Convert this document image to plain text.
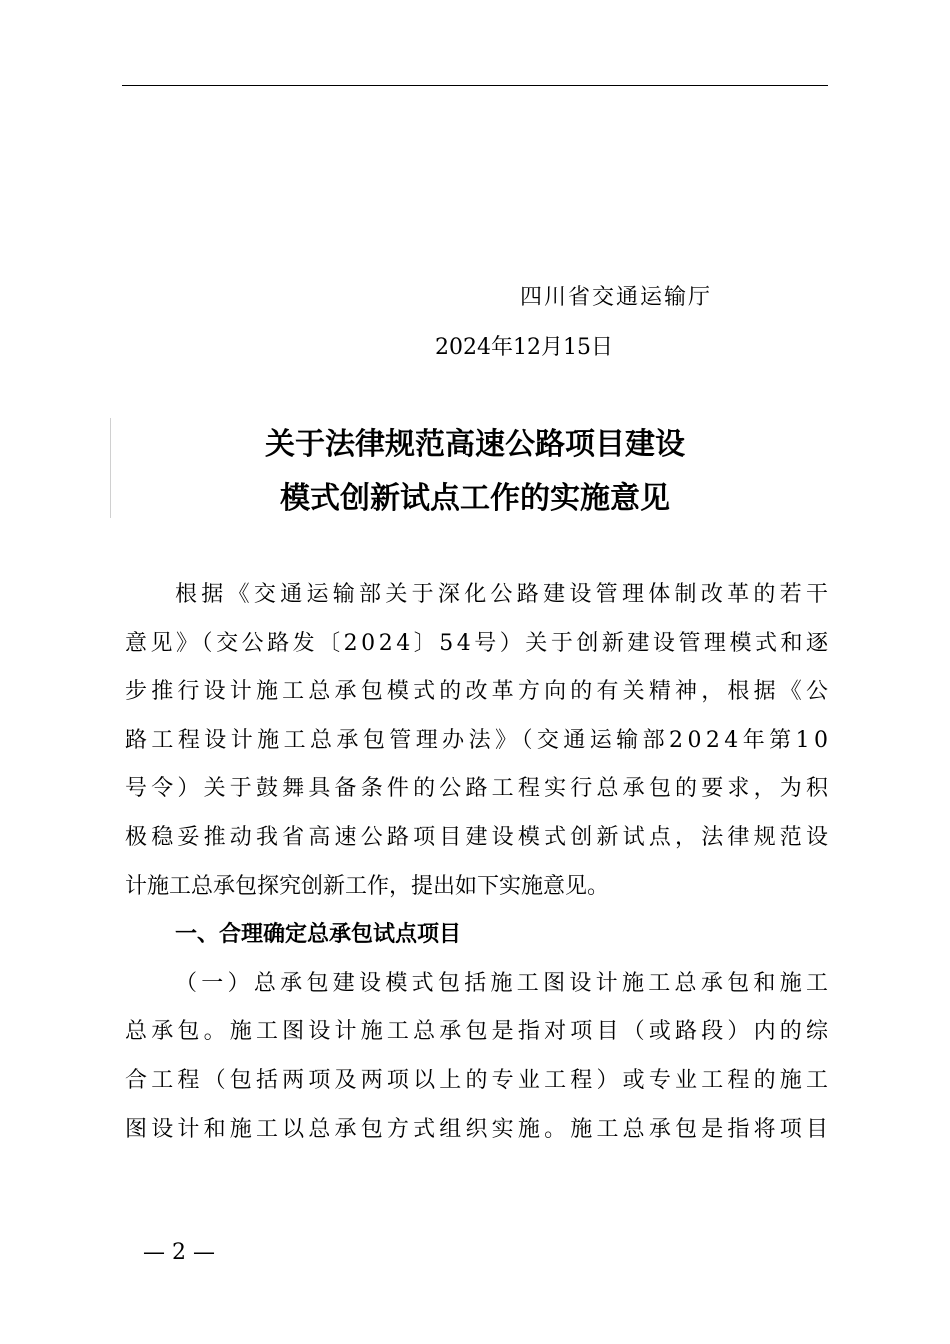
四川省交通运输厅
2024年12月15日
关于法律规范高速公路项目建设
模式创新试点工作的实施意见
根据《交通运输部关于深化公路建设管理体制改革的若干
意见》（交公路发〔2024〕54号）关于创新建设管理模式和逐
步推行设计施工总承包模式的改革方向的有关精神，根据《公
路工程设计施工总承包管理办法》（交通运输部2024年第10
号令）关于鼓舞具备条件的公路工程实行总承包的要求，为积
极稳妥推动我省高速公路项目建设模式创新试点，法律规范设
计施工总承包探究创新工作，提出如下实施意见。
一、合理确定总承包试点项目
（一）总承包建设模式包括施工图设计施工总承包和施工
总承包。施工图设计施工总承包是指对项目（或路段）内的综
合工程（包括两项及两项以上的专业工程）或专业工程的施工
图设计和施工以总承包方式组织实施。施工总承包是指将项目
— 2 —
